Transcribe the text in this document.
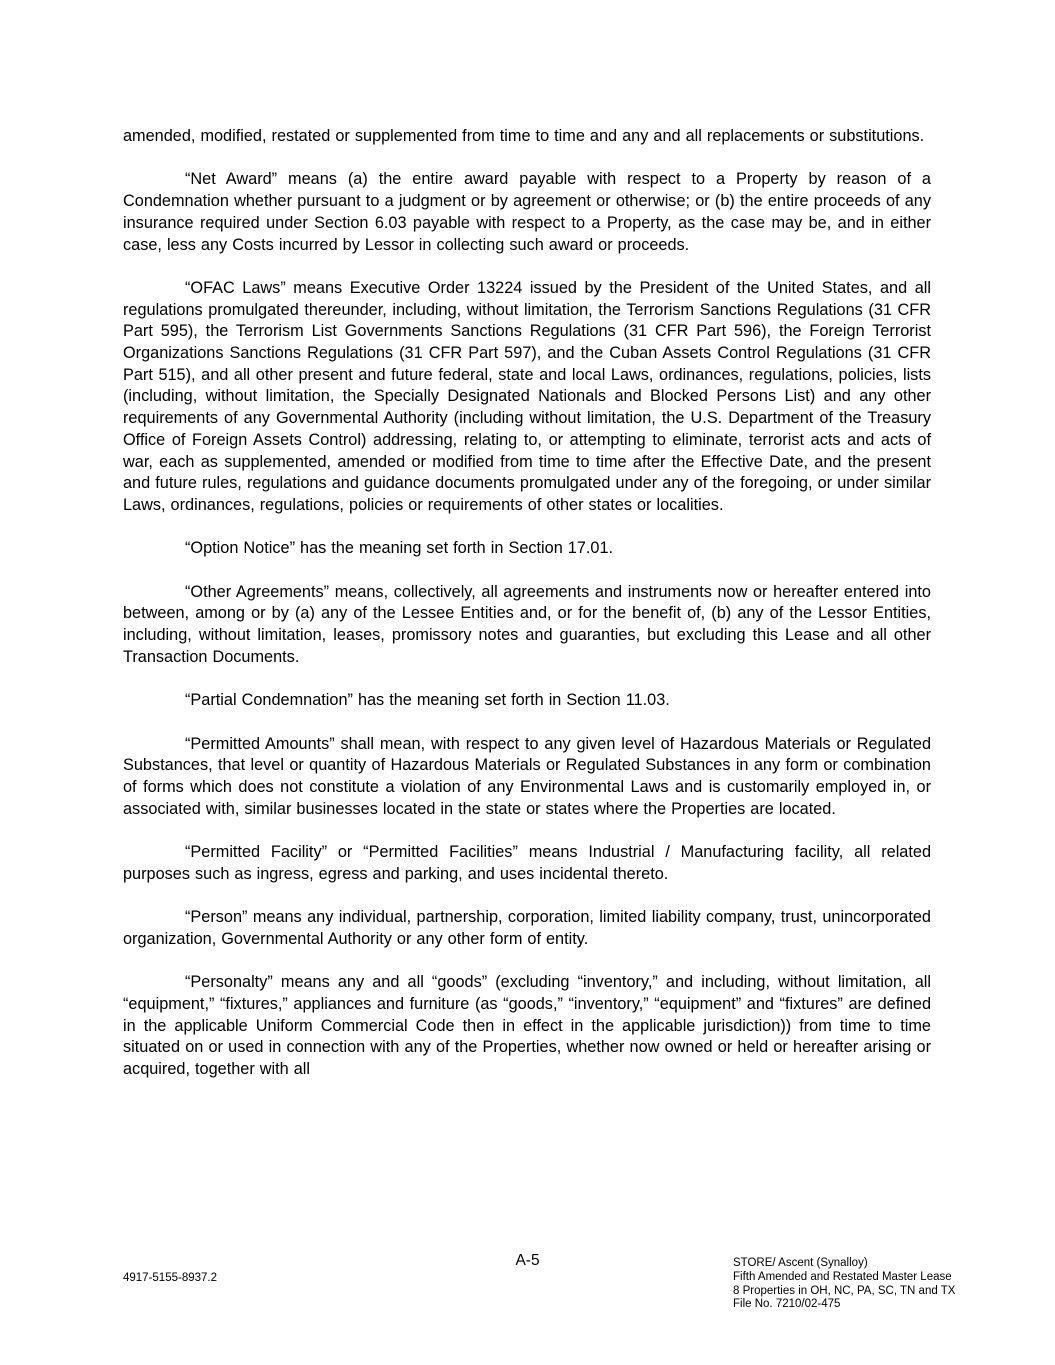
amended, modified, restated or supplemented from time to time and any and all replacements or substitutions.

“Net Award” means (a) the entire award payable with respect to a Property by reason of a Condemnation whether pursuant to a judgment or by agreement or otherwise; or (b) the entire proceeds of any insurance required under Section 6.03 payable with respect to a Property, as the case may be, and in either case, less any Costs incurred by Lessor in collecting such award or proceeds.

“OFAC Laws” means Executive Order 13224 issued by the President of the United States, and all regulations promulgated thereunder, including, without limitation, the Terrorism Sanctions Regulations (31 CFR Part 595), the Terrorism List Governments Sanctions Regulations (31 CFR Part 596), the Foreign Terrorist Organizations Sanctions Regulations (31 CFR Part 597), and the Cuban Assets Control Regulations (31 CFR Part 515), and all other present and future federal, state and local Laws, ordinances, regulations, policies, lists (including, without limitation, the Specially Designated Nationals and Blocked Persons List) and any other requirements of any Governmental Authority (including without limitation, the U.S. Department of the Treasury Office of Foreign Assets Control) addressing, relating to, or attempting to eliminate, terrorist acts and acts of war, each as supplemented, amended or modified from time to time after the Effective Date, and the present and future rules, regulations and guidance documents promulgated under any of the foregoing, or under similar Laws, ordinances, regulations, policies or requirements of other states or localities.

“Option Notice” has the meaning set forth in Section 17.01.

“Other Agreements” means, collectively, all agreements and instruments now or hereafter entered into between, among or by (a) any of the Lessee Entities and, or for the benefit of, (b) any of the Lessor Entities, including, without limitation, leases, promissory notes and guaranties, but excluding this Lease and all other Transaction Documents.

“Partial Condemnation” has the meaning set forth in Section 11.03.

“Permitted Amounts” shall mean, with respect to any given level of Hazardous Materials or Regulated Substances, that level or quantity of Hazardous Materials or Regulated Substances in any form or combination of forms which does not constitute a violation of any Environmental Laws and is customarily employed in, or associated with, similar businesses located in the state or states where the Properties are located.

“Permitted Facility” or “Permitted Facilities” means Industrial / Manufacturing facility, all related purposes such as ingress, egress and parking, and uses incidental thereto.

“Person” means any individual, partnership, corporation, limited liability company, trust, unincorporated organization, Governmental Authority or any other form of entity.

“Personalty” means any and all “goods” (excluding “inventory,” and including, without limitation, all “equipment,” “fixtures,” appliances and furniture (as “goods,” “inventory,” “equipment” and “fixtures” are defined in the applicable Uniform Commercial Code then in effect in the applicable jurisdiction)) from time to time situated on or used in connection with any of the Properties, whether now owned or held or hereafter arising or acquired, together with all

A-5
4917-5155-8937.2
STORE/ Ascent (Synalloy)
Fifth Amended and Restated Master Lease
8 Properties in OH, NC, PA, SC, TN and TX
File No. 7210/02-475
